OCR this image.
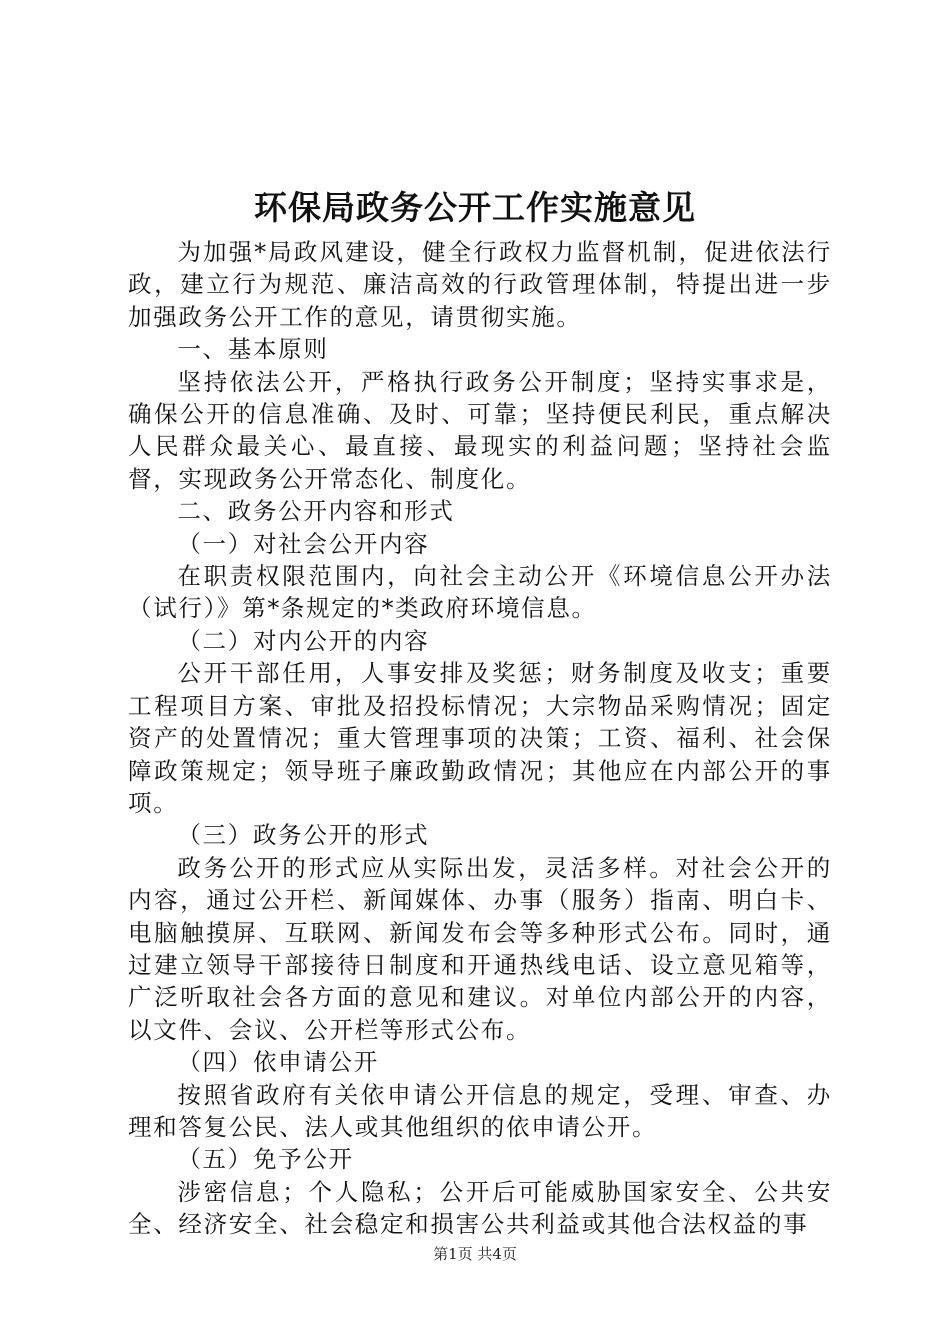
环保局政务公开工作实施意见

为加强*局政风建设，健全行政权力监督机制，促进依法行政，建立行为规范、廉洁高效的行政管理体制，特提出进一步加强政务公开工作的意见，请贯彻实施。

一、基本原则

坚持依法公开，严格执行政务公开制度；坚持实事求是，确保公开的信息准确、及时、可靠；坚持便民利民，重点解决人民群众最关心、最直接、最现实的利益问题；坚持社会监督，实现政务公开常态化、制度化。

二、政务公开内容和形式

（一）对社会公开内容

在职责权限范围内，向社会主动公开《环境信息公开办法（试行）》第*条规定的*类政府环境信息。

（二）对内公开的内容

公开干部任用，人事安排及奖惩；财务制度及收支；重要工程项目方案、审批及招投标情况；大宗物品采购情况；固定资产的处置情况；重大管理事项的决策；工资、福利、社会保障政策规定；领导班子廉政勤政情况；其他应在内部公开的事项。

（三）政务公开的形式

政务公开的形式应从实际出发，灵活多样。对社会公开的内容，通过公开栏、新闻媒体、办事（服务）指南、明白卡、电脑触摸屏、互联网、新闻发布会等多种形式公布。同时，通过建立领导干部接待日制度和开通热线电话、设立意见箱等，广泛听取社会各方面的意见和建议。对单位内部公开的内容，以文件、会议、公开栏等形式公布。

（四）依申请公开

按照省政府有关依申请公开信息的规定，受理、审查、办理和答复公民、法人或其他组织的依申请公开。

（五）免予公开

涉密信息；个人隐私；公开后可能威胁国家安全、公共安全、经济安全、社会稳定和损害公共利益或其他合法权益的事

第1页 共4页
